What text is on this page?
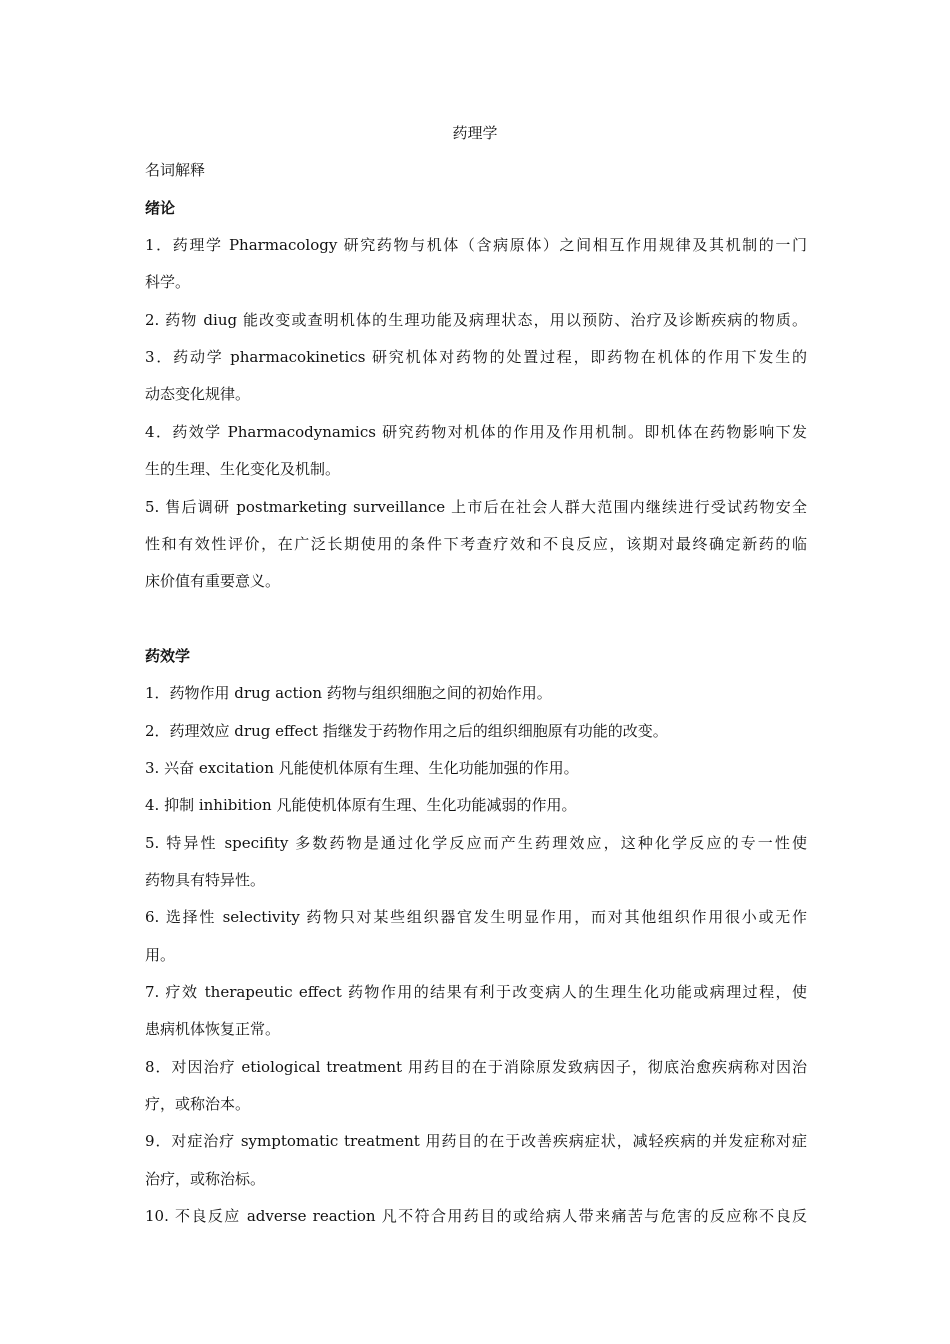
药理学
名词解释
绪论
1．药理学 Pharmacology 研究药物与机体（含病原体）之间相互作用规律及其机制的一门
科学。
2. 药物 diug 能改变或查明机体的生理功能及病理状态，用以预防、治疗及诊断疾病的物质。
3．药动学 pharmacokinetics 研究机体对药物的处置过程，即药物在机体的作用下发生的
动态变化规律。
4．药效学 Pharmacodynamics 研究药物对机体的作用及作用机制。即机体在药物影响下发
生的生理、生化变化及机制。
5. 售后调研 postmarketing surveillance 上市后在社会人群大范围内继续进行受试药物安全
性和有效性评价，在广泛长期使用的条件下考查疗效和不良反应，该期对最终确定新药的临
床价值有重要意义。
药效学
1．药物作用 drug action 药物与组织细胞之间的初始作用。
2．药理效应 drug effect 指继发于药物作用之后的组织细胞原有功能的改变。
3. 兴奋 excitation 凡能使机体原有生理、生化功能加强的作用。
4. 抑制 inhibition 凡能使机体原有生理、生化功能减弱的作用。
5. 特异性 specifity 多数药物是通过化学反应而产生药理效应，这种化学反应的专一性使
药物具有特异性。
6. 选择性 selectivity 药物只对某些组织器官发生明显作用，而对其他组织作用很小或无作
用。
7. 疗效 therapeutic effect 药物作用的结果有利于改变病人的生理生化功能或病理过程，使
患病机体恢复正常。
8．对因治疗 etiological treatment 用药目的在于消除原发致病因子，彻底治愈疾病称对因治
疗，或称治本。
9．对症治疗 symptomatic treatment 用药目的在于改善疾病症状，减轻疾病的并发症称对症
治疗，或称治标。
10. 不良反应 adverse reaction 凡不符合用药目的或给病人带来痛苦与危害的反应称不良反
